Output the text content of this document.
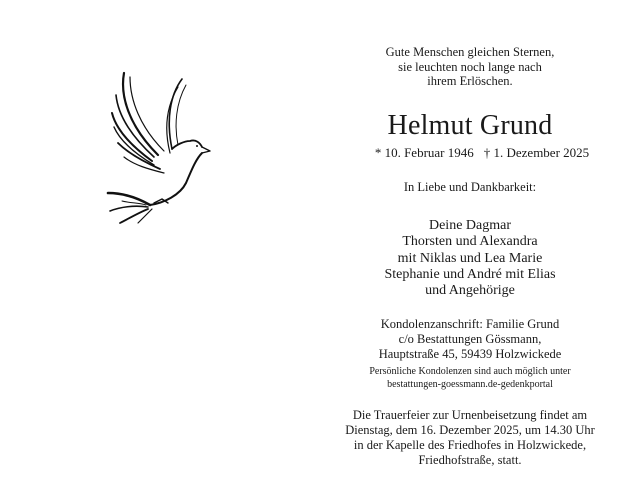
Gute Menschen gleichen Sternen,
sie leuchten noch lange nach
ihrem Erlöschen.
Helmut Grund
* 10. Februar 1946 † 1. Dezember 2025
In Liebe und Dankbarkeit:
Deine Dagmar
Thorsten und Alexandra
mit Niklas und Lea Marie
Stephanie und André mit Elias
und Angehörige
Kondolenzanschrift: Familie Grund
c/o Bestattungen Gössmann,
Hauptstraße 45, 59439 Holzwickede
Persönliche Kondolenzen sind auch möglich unter
bestattungen-goessmann.de-gedenkportal
Die Trauerfeier zur Urnenbeisetzung findet am
Dienstag, dem 16. Dezember 2025, um 14.30 Uhr
in der Kapelle des Friedhofes in Holzwickede,
Friedhofstraße, statt.
